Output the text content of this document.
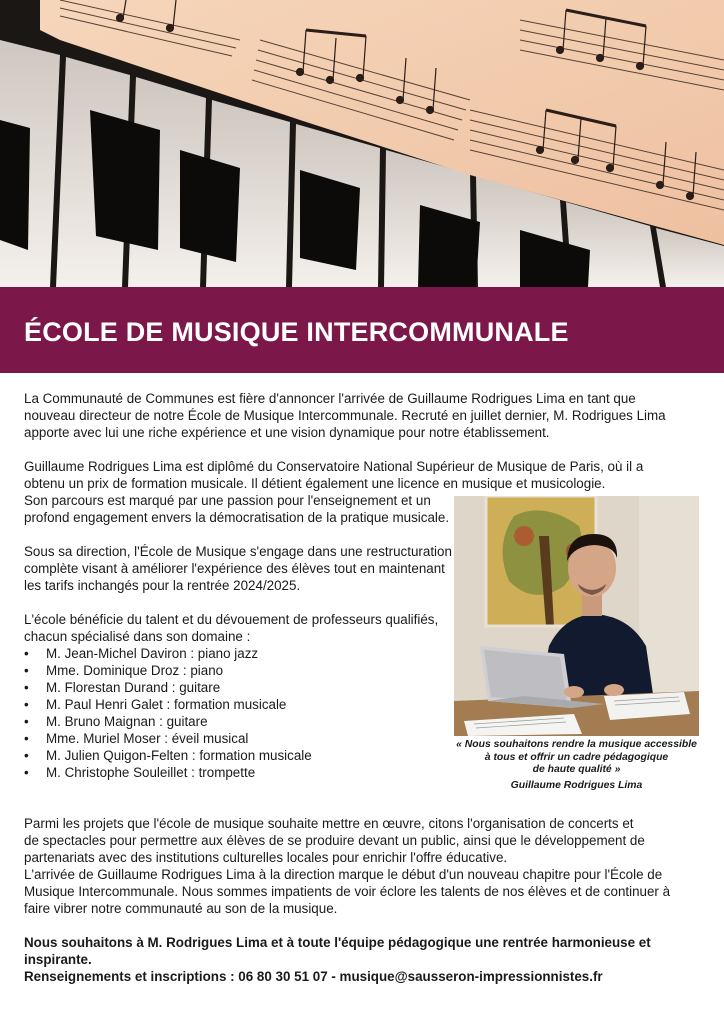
ÉCOLE DE MUSIQUE INTERCOMMUNALE
La Communauté de Communes est fière d'annoncer l'arrivée de Guillaume Rodrigues Lima en tant que
nouveau directeur de notre École de Musique Intercommunale. Recruté en juillet dernier, M. Rodrigues Lima
apporte avec lui une riche expérience et une vision dynamique pour notre établissement.
Guillaume Rodrigues Lima est diplômé du Conservatoire National Supérieur de Musique de Paris, où il a
obtenu un prix de formation musicale. Il détient également une licence en musique et musicologie.
Son parcours est marqué par une passion pour l'enseignement et un
profond engagement envers la démocratisation de la pratique musicale.
Sous sa direction, l'École de Musique s'engage dans une restructuration
complète visant à améliorer l'expérience des élèves tout en maintenant
les tarifs inchangés pour la rentrée 2024/2025.
L'école bénéficie du talent et du dévouement de professeurs qualifiés,
chacun spécialisé dans son domaine :
• M. Jean-Michel Daviron : piano jazz
• Mme. Dominique Droz : piano
• M. Florestan Durand : guitare
• M. Paul Henri Galet : formation musicale
• M. Bruno Maignan : guitare
• Mme. Muriel Moser : éveil musical
• M. Julien Quigon-Felten : formation musicale
• M. Christophe Souleillet : trompette
Parmi les projets que l'école de musique souhaite mettre en œuvre, citons l'organisation de concerts et
de spectacles pour permettre aux élèves de se produire devant un public, ainsi que le développement de
partenariats avec des institutions culturelles locales pour enrichir l'offre éducative.
L'arrivée de Guillaume Rodrigues Lima à la direction marque le début d'un nouveau chapitre pour l'École de
Musique Intercommunale. Nous sommes impatients de voir éclore les talents de nos élèves et de continuer à
faire vibrer notre communauté au son de la musique.
Nous souhaitons à M. Rodrigues Lima et à toute l'équipe pédagogique une rentrée harmonieuse et
inspirante.
Renseignements et inscriptions : 06 80 30 51 07 - musique@sausseron-impressionnistes.fr
« Nous souhaitons rendre la musique accessible
à tous et offrir un cadre pédagogique
de haute qualité »
Guillaume Rodrigues Lima
